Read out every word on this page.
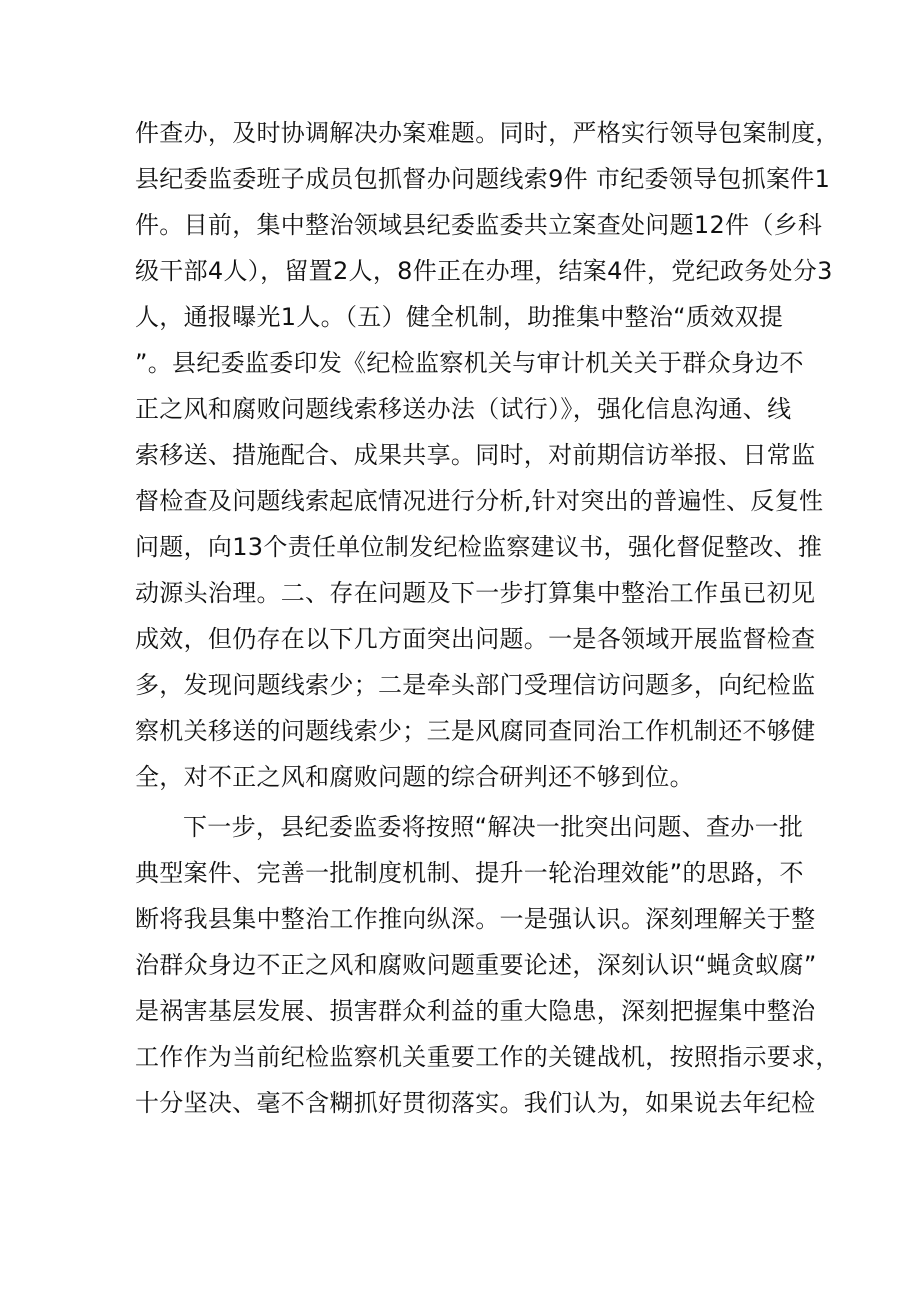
件查办，及时协调解决办案难题。同时，严格实行领导包案制度，
县纪委监委班子成员包抓督办问题线索9件 市纪委领导包抓案件1
件。目前，集中整治领域县纪委监委共立案查处问题12件（乡科
级干部4人），留置2人，8件正在办理，结案4件，党纪政务处分3
人，通报曝光1人。（五）健全机制，助推集中整治“质效双提
”。县纪委监委印发《纪检监察机关与审计机关关于群众身边不
正之风和腐败问题线索移送办法（试行）》，强化信息沟通、线
索移送、措施配合、成果共享。同时，对前期信访举报、日常监
督检查及问题线索起底情况进行分析,针对突出的普遍性、反复性
问题，向13个责任单位制发纪检监察建议书，强化督促整改、推
动源头治理。二、存在问题及下一步打算集中整治工作虽已初见
成效，但仍存在以下几方面突出问题。一是各领域开展监督检查
多，发现问题线索少；二是牵头部门受理信访问题多，向纪检监
察机关移送的问题线索少；三是风腐同查同治工作机制还不够健
全，对不正之风和腐败问题的综合研判还不够到位。
下一步，县纪委监委将按照“解决一批突出问题、查办一批
典型案件、完善一批制度机制、提升一轮治理效能”的思路，不
断将我县集中整治工作推向纵深。一是强认识。深刻理解关于整
治群众身边不正之风和腐败问题重要论述，深刻认识“蝇贪蚁腐”
是祸害基层发展、损害群众利益的重大隐患，深刻把握集中整治
工作作为当前纪检监察机关重要工作的关键战机，按照指示要求，
十分坚决、毫不含糊抓好贯彻落实。我们认为，如果说去年纪检
